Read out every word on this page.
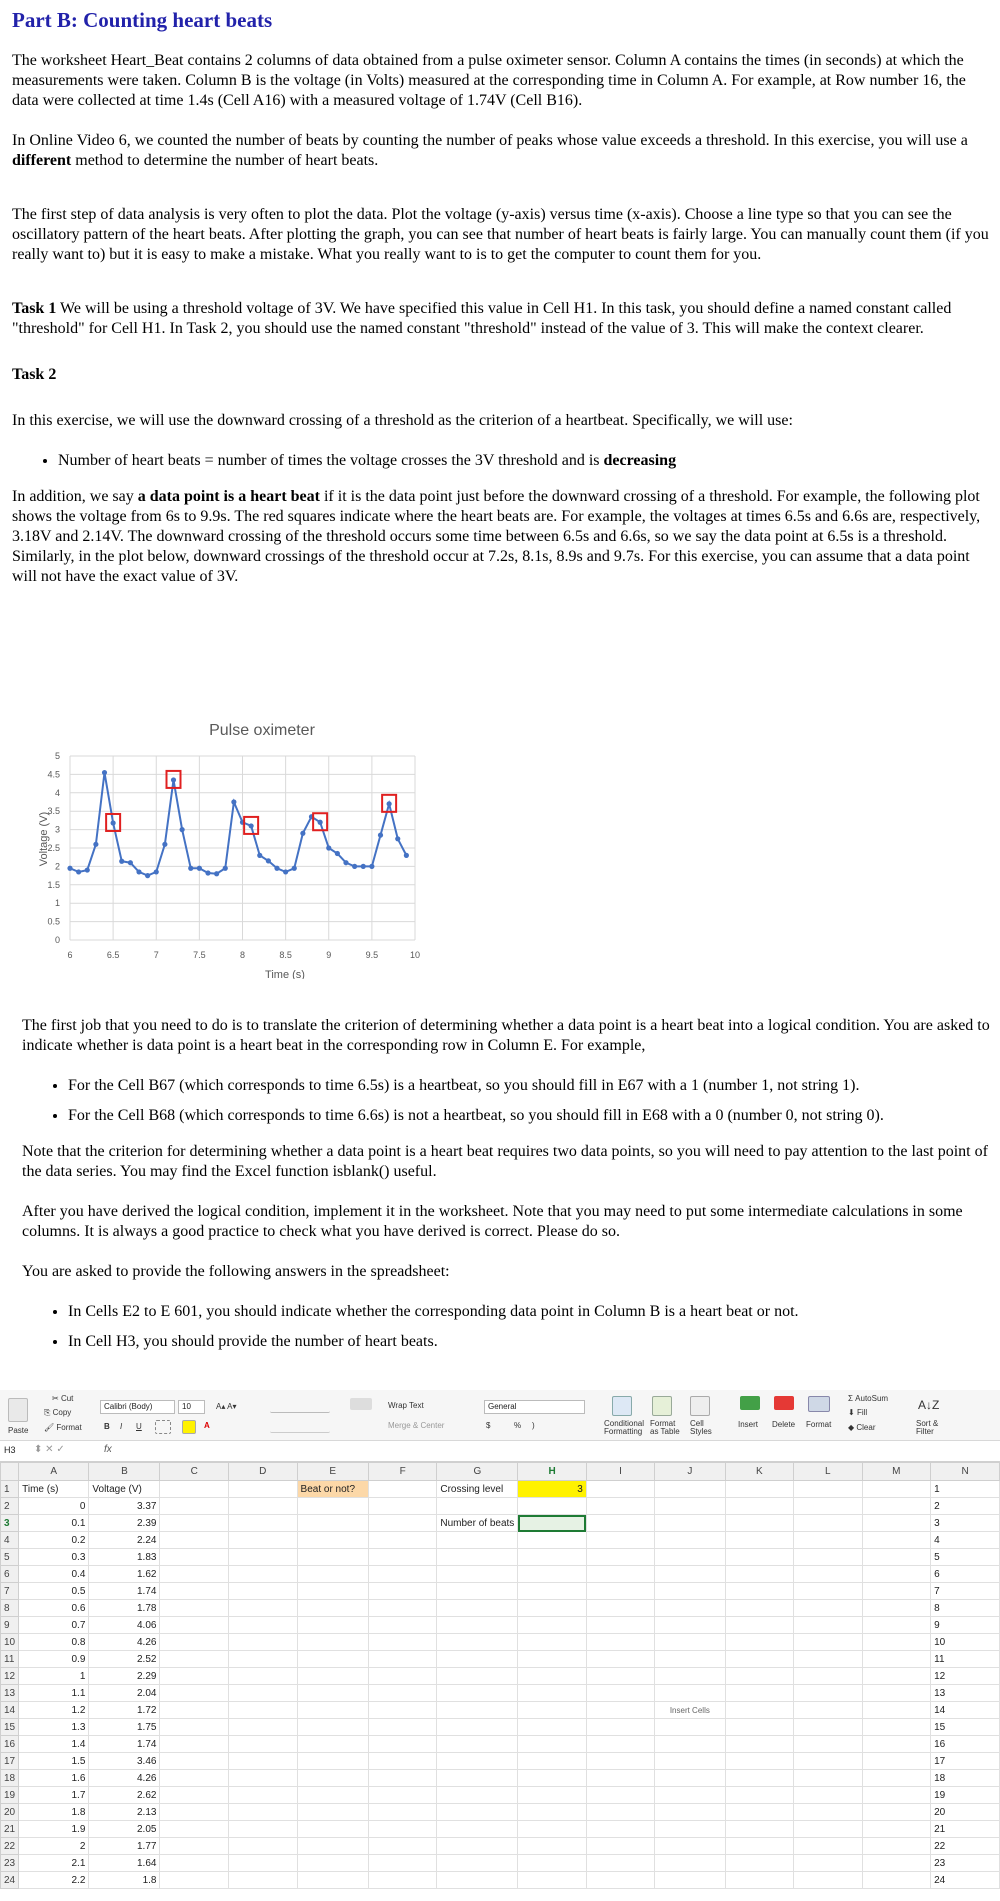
Part B: Counting heart beats

The worksheet Heart_Beat contains 2 columns of data obtained from a pulse oximeter sensor. Column A contains the times (in seconds) at which the measurements were taken. Column B is the voltage (in Volts) measured at the corresponding time in Column A. For example, at Row number 16, the data were collected at time 1.4s (Cell A16) with a measured voltage of 1.74V (Cell B16).

In Online Video 6, we counted the number of beats by counting the number of peaks whose value exceeds a threshold. In this exercise, you will use a different method to determine the number of heart beats.

The first step of data analysis is very often to plot the data. Plot the voltage (y-axis) versus time (x-axis). Choose a line type so that you can see the oscillatory pattern of the heart beats. After plotting the graph, you can see that number of heart beats is fairly large. You can manually count them (if you really want to) but it is easy to make a mistake. What you really want to is to get the computer to count them for you.

Task 1 We will be using a threshold voltage of 3V. We have specified this value in Cell H1. In this task, you should define a named constant called "threshold" for Cell H1. In Task 2, you should use the named constant "threshold" instead of the value of 3. This will make the context clearer.

Task 2

In this exercise, we will use the downward crossing of a threshold as the criterion of a heartbeat. Specifically, we will use:

• Number of heart beats = number of times the voltage crosses the 3V threshold and is decreasing

In addition, we say a data point is a heart beat if it is the data point just before the downward crossing of a threshold. For example, the following plot shows the voltage from 6s to 9.9s. The red squares indicate where the heart beats are. For example, the voltages at times 6.5s and 6.6s are, respectively, 3.18V and 2.14V. The downward crossing of the threshold occurs some time between 6.5s and 6.6s, so we say the data point at 6.5s is a threshold. Similarly, in the plot below, downward crossings of the threshold occur at 7.2s, 8.1s, 8.9s and 9.7s. For this exercise, you can assume that a data point will not have the exact value of 3V.

Pulse oximeter
Time (s)
Voltage (V)
0
0.5
1
1.5
2
2.5
3
3.5
4
4.5
5
6	6.5	7	7.5	8	8.5	9	9.5	10

The first job that you need to do is to translate the criterion of determining whether a data point is a heart beat into a logical condition. You are asked to indicate whether is data point is a heart beat in the corresponding row in Column E. For example,

• For the Cell B67 (which corresponds to time 6.5s) is a heartbeat, so you should fill in E67 with a 1 (number 1, not string 1).
• For the Cell B68 (which corresponds to time 6.6s) is not a heartbeat, so you should fill in E68 with a 0 (number 0, not string 0).

Note that the criterion for determining whether a data point is a heart beat requires two data points, so you will need to pay attention to the last point of the data series. You may find the Excel function isblank() useful.

After you have derived the logical condition, implement it in the worksheet. Note that you may need to put some intermediate calculations in some columns. It is always a good practice to check what you have derived is correct. Please do so.

You are asked to provide the following answers in the spreadsheet:

• In Cells E2 to E 601, you should indicate whether the corresponding data point in Column B is a heart beat or not.
• In Cell H3, you should provide the number of heart beats.
Paste
✂ Cut
⎘ Copy
🖌 Format
Calibri (Body)	10	A▴ A▾
B I U	A
Wrap Text
Merge & Center
General
$	% )	Conditional Formatting
Format as Table
Cell Styles
Insert Delete Format
Σ AutoSum
⬇ Fill
◆ Clear
A↓Z
Sort & Filter
H3 ⬍ ✕ ✓	fx
	A	B	C	D	E	F	G	H	I	J	K	L	M	N
1	Time (s)	Voltage (V)			Beat or not?		Crossing level	3						1
2	0	3.37												2
3	0.1	2.39					Number of beats							3
4	0.2	2.24												4
5	0.3	1.83												5
6	0.4	1.62												6
7	0.5	1.74												7
8	0.6	1.78												8
9	0.7	4.06												9
10	0.8	4.26												10
11	0.9	2.52												11
12	1	2.29												12
13	1.1	2.04												13
14	1.2	1.72								Insert Cells				14
15	1.3	1.75												15
16	1.4	1.74												16
17	1.5	3.46												17
18	1.6	4.26												18
19	1.7	2.62												19
20	1.8	2.13												20
21	1.9	2.05												21
22	2	1.77												22
23	2.1	1.64												23
24	2.2	1.8												24
